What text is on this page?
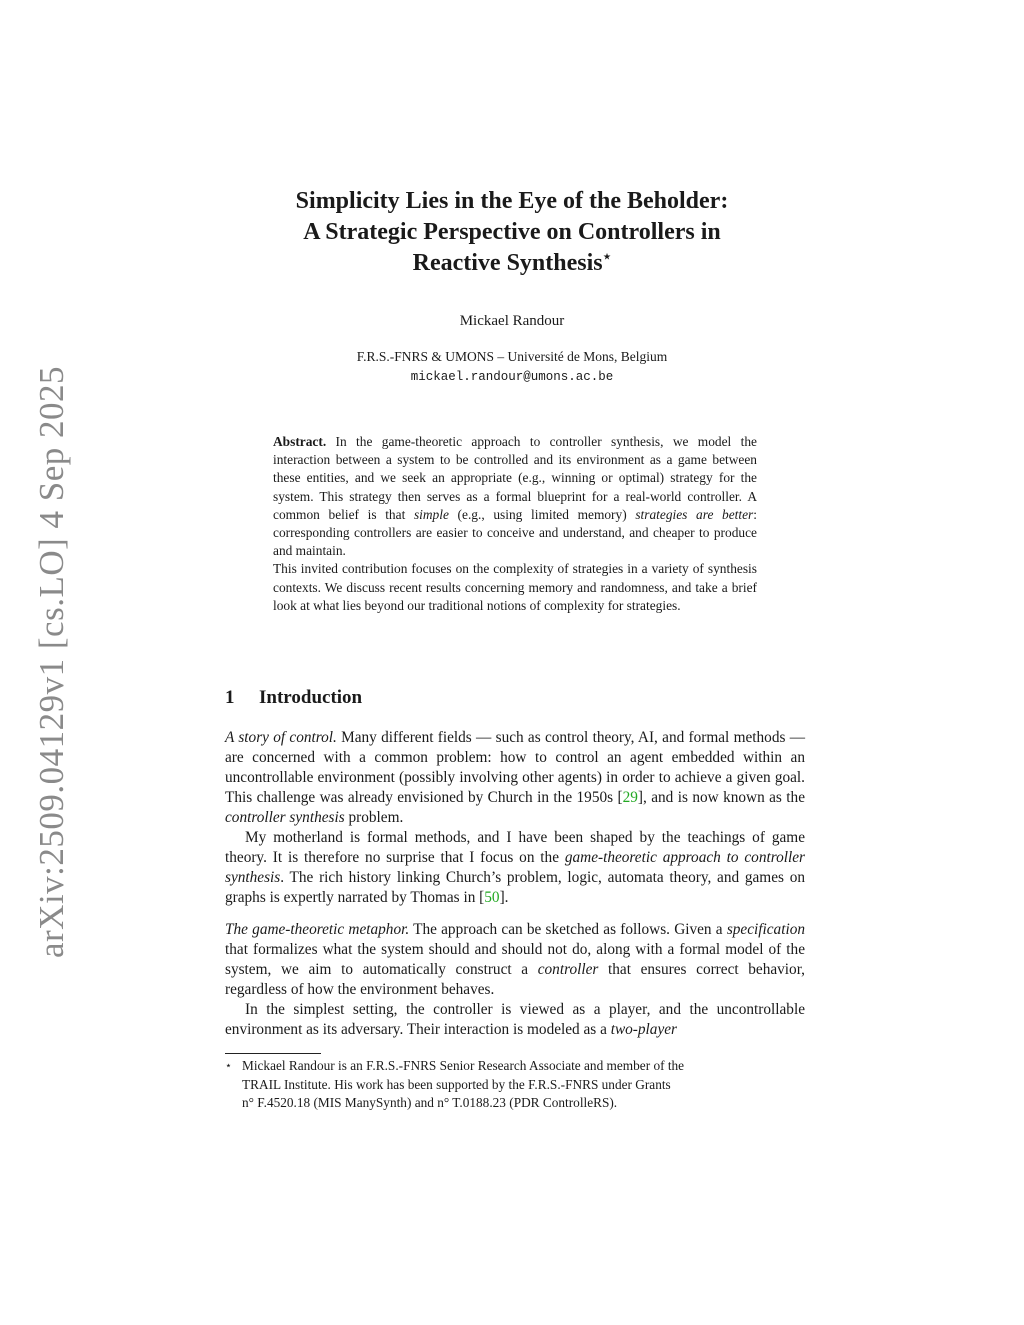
arXiv:2509.04129v1 [cs.LO] 4 Sep 2025
Simplicity Lies in the Eye of the Beholder:
A Strategic Perspective on Controllers in
Reactive Synthesis⋆
Mickael Randour
F.R.S.-FNRS & UMONS – Université de Mons, Belgium
mickael.randour@umons.ac.be

Abstract. In the game-theoretic approach to controller synthesis, we model the interaction between a system to be controlled and its environment as a game between these entities, and we seek an appropriate (e.g., winning or optimal) strategy for the system. This strategy then serves as a formal blueprint for a real-world controller. A common belief is that simple (e.g., using limited memory) strategies are better: corresponding controllers are easier to conceive and understand, and cheaper to produce and maintain.

This invited contribution focuses on the complexity of strategies in a variety of synthesis contexts. We discuss recent results concerning memory and randomness, and take a brief look at what lies beyond our traditional notions of complexity for strategies.

1 Introduction

A story of control. Many different fields — such as control theory, AI, and formal methods — are concerned with a common problem: how to control an agent embedded within an uncontrollable environment (possibly involving other agents) in order to achieve a given goal. This challenge was already envisioned by Church in the 1950s [29], and is now known as the controller synthesis problem.

My motherland is formal methods, and I have been shaped by the teachings of game theory. It is therefore no surprise that I focus on the game-theoretic approach to controller synthesis. The rich history linking Church’s problem, logic, automata theory, and games on graphs is expertly narrated by Thomas in [50].

The game-theoretic metaphor. The approach can be sketched as follows. Given a specification that formalizes what the system should and should not do, along with a formal model of the system, we aim to automatically construct a controller that ensures correct behavior, regardless of how the environment behaves.

In the simplest setting, the controller is viewed as a player, and the uncontrollable environment as its adversary. Their interaction is modeled as a two-player

⋆ Mickael Randour is an F.R.S.-FNRS Senior Research Associate and member of the

TRAIL Institute. His work has been supported by the F.R.S.-FNRS under Grants

n° F.4520.18 (MIS ManySynth) and n° T.0188.23 (PDR ControlleRS).
